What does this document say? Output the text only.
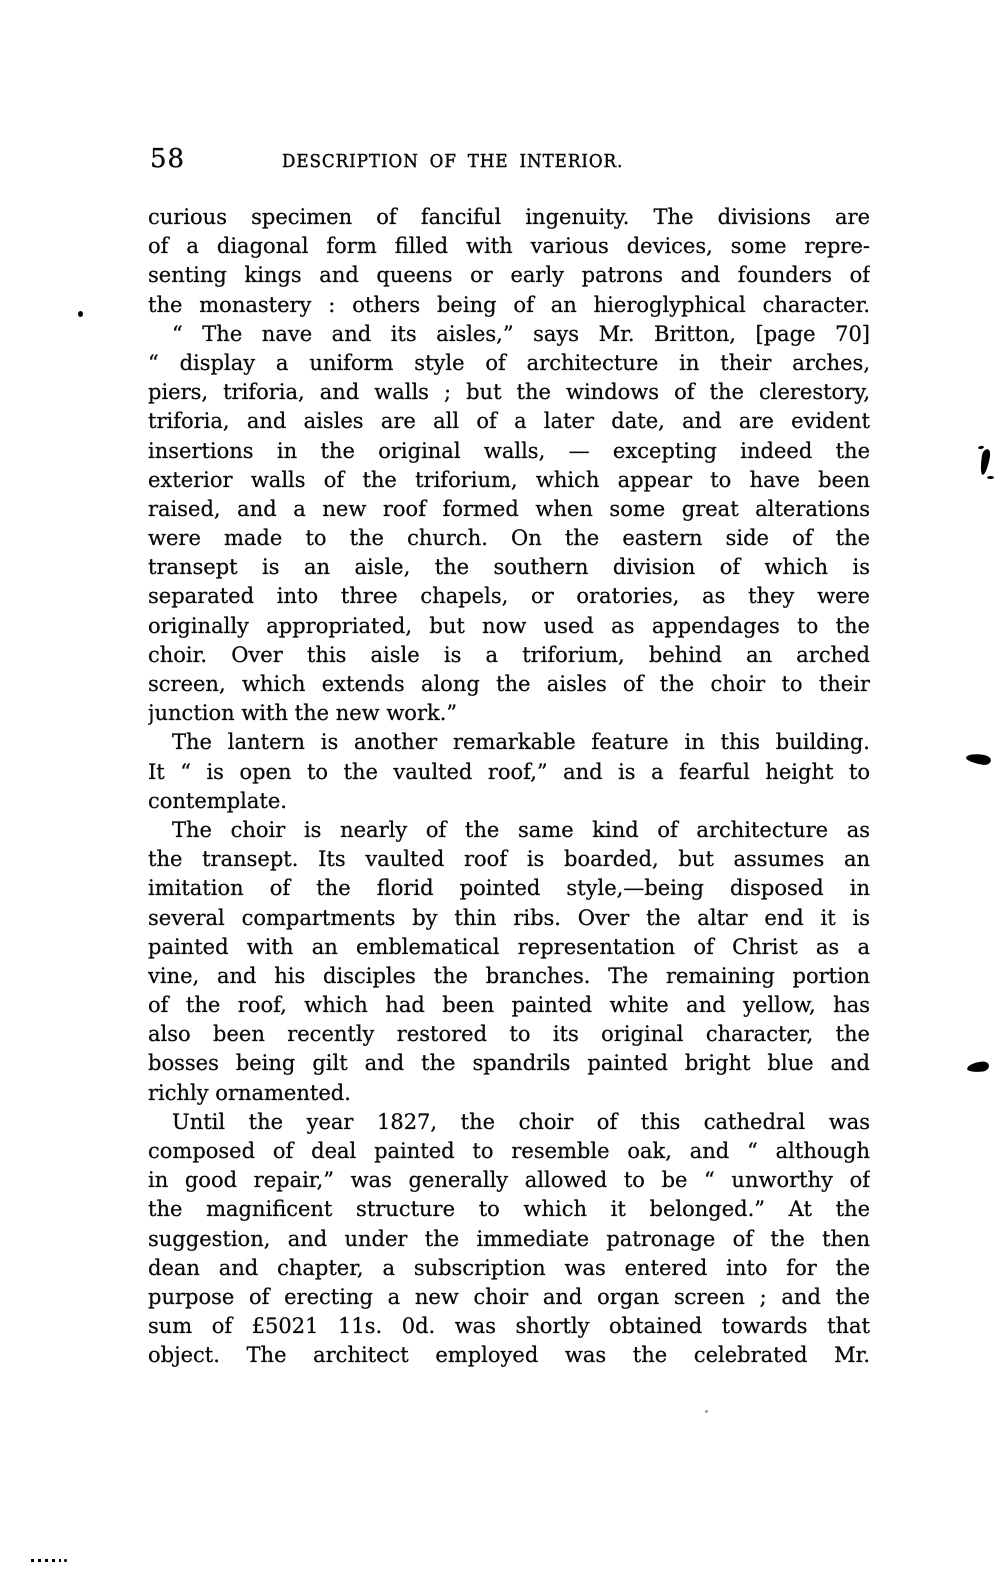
58	DESCRIPTION OF THE INTERIOR.
curious specimen of fanciful ingenuity. The divisions are
of a diagonal form filled with various devices, some repre-
senting kings and queens or early patrons and founders of
the monastery : others being of an hieroglyphical character.
“ The nave and its aisles,” says Mr. Britton, [page 70]
“ display a uniform style of architecture in their arches,
piers, triforia, and walls ; but the windows of the clerestory,
triforia, and aisles are all of a later date, and are evident
insertions in the original walls, — excepting indeed the
exterior walls of the triforium, which appear to have been
raised, and a new roof formed when some great alterations
were made to the church. On the eastern side of the
transept is an aisle, the southern division of which is
separated into three chapels, or oratories, as they were
originally appropriated, but now used as appendages to the
choir. Over this aisle is a triforium, behind an arched
screen, which extends along the aisles of the choir to their
junction with the new work.”
The lantern is another remarkable feature in this building.
It “ is open to the vaulted roof,” and is a fearful height to
contemplate.
The choir is nearly of the same kind of architecture as
the transept. Its vaulted roof is boarded, but assumes an
imitation of the florid pointed style,—being disposed in
several compartments by thin ribs. Over the altar end it is
painted with an emblematical representation of Christ as a
vine, and his disciples the branches. The remaining portion
of the roof, which had been painted white and yellow, has
also been recently restored to its original character, the
bosses being gilt and the spandrils painted bright blue and
richly ornamented.
Until the year 1827, the choir of this cathedral was
composed of deal painted to resemble oak, and “ although
in good repair,” was generally allowed to be “ unworthy of
the magnificent structure to which it belonged.” At the
suggestion, and under the immediate patronage of the then
dean and chapter, a subscription was entered into for the
purpose of erecting a new choir and organ screen ; and the
sum of £5021 11s. 0d. was shortly obtained towards that
object. The architect employed was the celebrated Mr.
